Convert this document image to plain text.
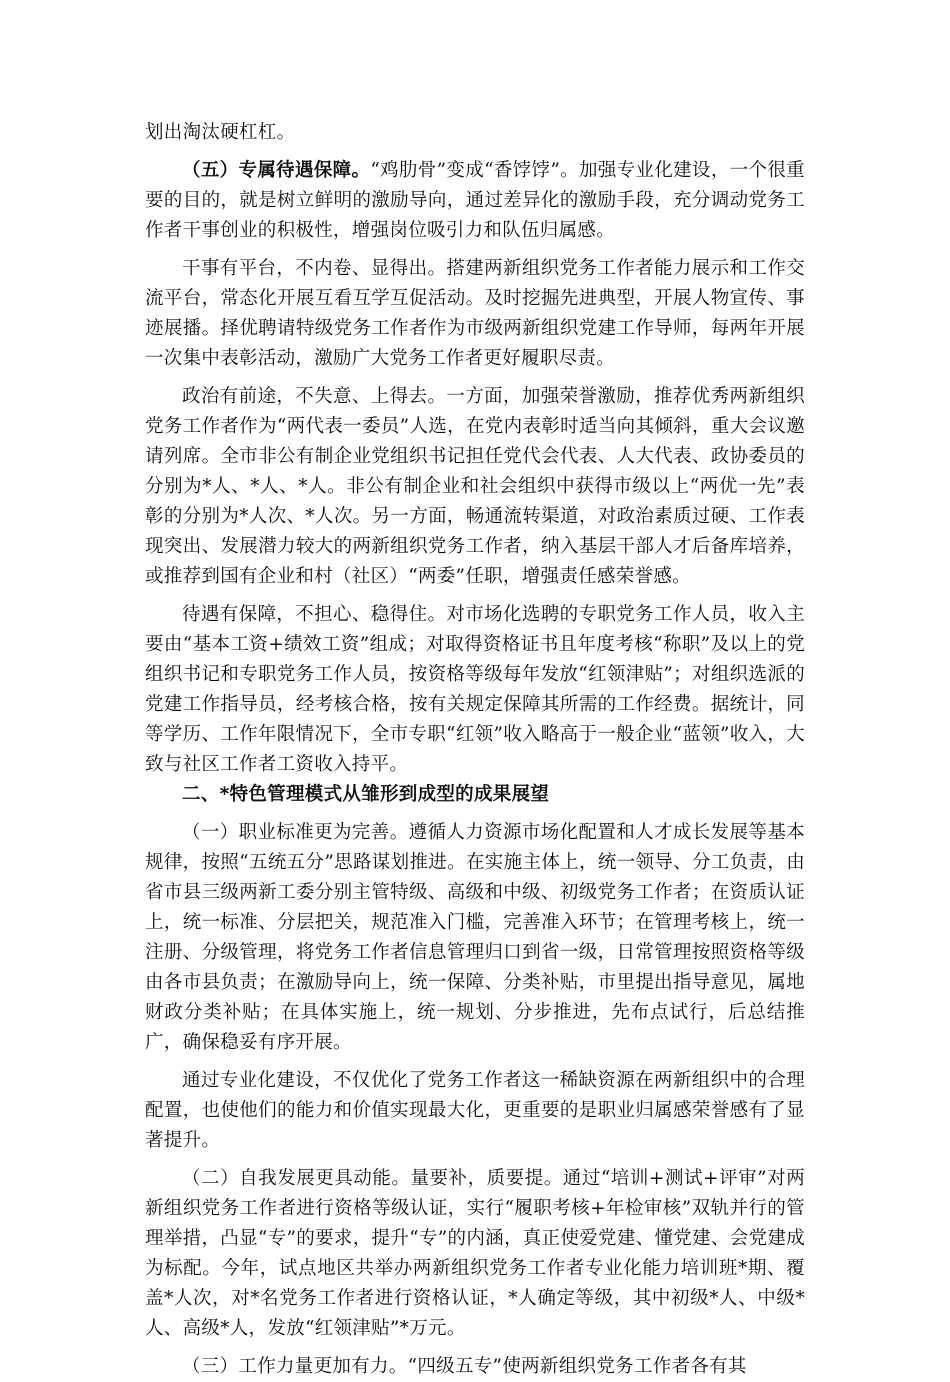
划出淘汰硬杠杠。

（五）专属待遇保障。“鸡肋骨”变成“香饽饽”。加强专业化建设，一个很重要的目的，就是树立鲜明的激励导向，通过差异化的激励手段，充分调动党务工作者干事创业的积极性，增强岗位吸引力和队伍归属感。

干事有平台，不内卷、显得出。搭建两新组织党务工作者能力展示和工作交流平台，常态化开展互看互学互促活动。及时挖掘先进典型，开展人物宣传、事迹展播。择优聘请特级党务工作者作为市级两新组织党建工作导师，每两年开展一次集中表彰活动，激励广大党务工作者更好履职尽责。

政治有前途，不失意、上得去。一方面，加强荣誉激励，推荐优秀两新组织党务工作者作为“两代表一委员”人选，在党内表彰时适当向其倾斜，重大会议邀请列席。全市非公有制企业党组织书记担任党代会代表、人大代表、政协委员的分别为*人、*人、*人。非公有制企业和社会组织中获得市级以上“两优一先”表彰的分别为*人次、*人次。另一方面，畅通流转渠道，对政治素质过硬、工作表现突出、发展潜力较大的两新组织党务工作者，纳入基层干部人才后备库培养，或推荐到国有企业和村（社区）“两委”任职，增强责任感荣誉感。

待遇有保障，不担心、稳得住。对市场化选聘的专职党务工作人员，收入主要由“基本工资+绩效工资”组成；对取得资格证书且年度考核“称职”及以上的党组织书记和专职党务工作人员，按资格等级每年发放“红领津贴”；对组织选派的党建工作指导员，经考核合格，按有关规定保障其所需的工作经费。据统计，同等学历、工作年限情况下，全市专职“红领”收入略高于一般企业“蓝领”收入，大致与社区工作者工资收入持平。

二、*特色管理模式从雏形到成型的成果展望

（一）职业标准更为完善。遵循人力资源市场化配置和人才成长发展等基本规律，按照“五统五分”思路谋划推进。在实施主体上，统一领导、分工负责，由省市县三级两新工委分别主管特级、高级和中级、初级党务工作者；在资质认证上，统一标准、分层把关，规范准入门槛，完善准入环节；在管理考核上，统一注册、分级管理，将党务工作者信息管理归口到省一级，日常管理按照资格等级由各市县负责；在激励导向上，统一保障、分类补贴，市里提出指导意见，属地财政分类补贴；在具体实施上，统一规划、分步推进，先布点试行，后总结推广，确保稳妥有序开展。

通过专业化建设，不仅优化了党务工作者这一稀缺资源在两新组织中的合理配置，也使他们的能力和价值实现最大化，更重要的是职业归属感荣誉感有了显著提升。

（二）自我发展更具动能。量要补，质要提。通过“培训+测试+评审”对两新组织党务工作者进行资格等级认证，实行“履职考核+年检审核”双轨并行的管理举措，凸显“专”的要求，提升“专”的内涵，真正使爱党建、懂党建、会党建成为标配。今年，试点地区共举办两新组织党务工作者专业化能力培训班*期、覆盖*人次，对*名党务工作者进行资格认证，*人确定等级，其中初级*人、中级*人、高级*人，发放“红领津贴”*万元。

（三）工作力量更加有力。“四级五专”使两新组织党务工作者各有其
